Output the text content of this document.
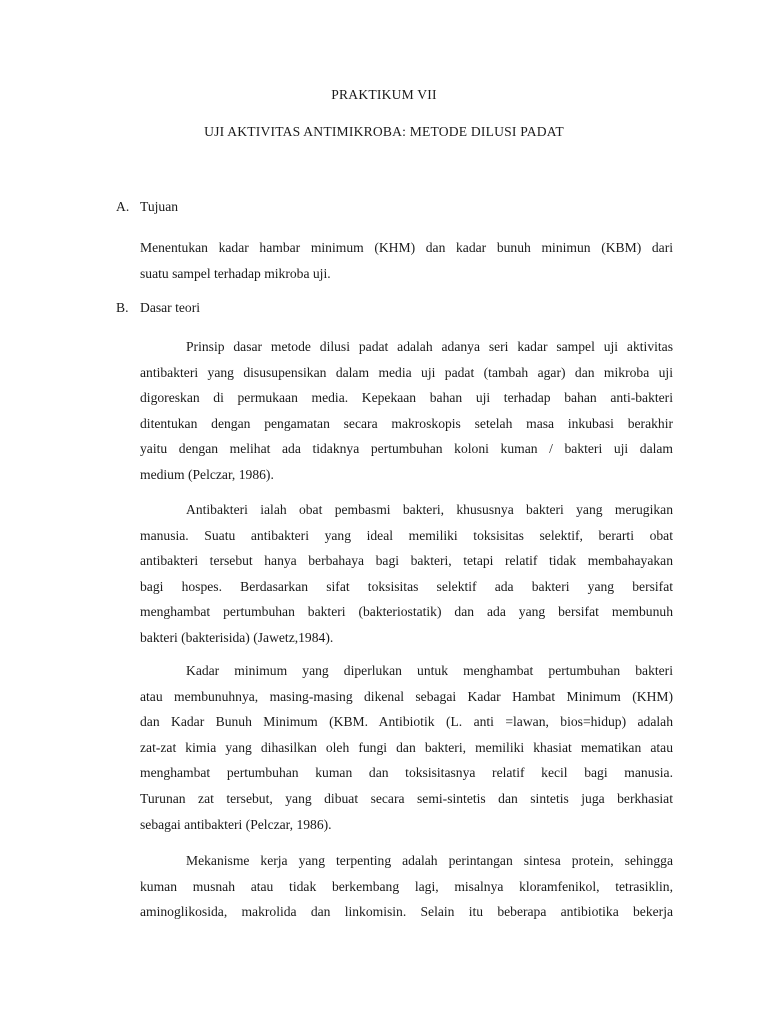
PRAKTIKUM VII
UJI AKTIVITAS ANTIMIKROBA: METODE DILUSI PADAT
A. Tujuan
Menentukan kadar hambar minimum (KHM) dan kadar bunuh minimun (KBM) dari
suatu sampel terhadap mikroba uji.
B. Dasar teori
Prinsip dasar metode dilusi padat adalah adanya seri kadar sampel uji aktivitas
antibakteri yang disusupensikan dalam media uji padat (tambah agar) dan mikroba uji
digoreskan di permukaan media. Kepekaan bahan uji terhadap bahan anti-bakteri
ditentukan dengan pengamatan secara makroskopis setelah masa inkubasi berakhir
yaitu dengan melihat ada tidaknya pertumbuhan koloni kuman / bakteri uji dalam
medium (Pelczar, 1986).
Antibakteri ialah obat pembasmi bakteri, khususnya bakteri yang merugikan
manusia. Suatu antibakteri yang ideal memiliki toksisitas selektif, berarti obat
antibakteri tersebut hanya berbahaya bagi bakteri, tetapi relatif tidak membahayakan
bagi hospes. Berdasarkan sifat toksisitas selektif ada bakteri yang bersifat
menghambat pertumbuhan bakteri (bakteriostatik) dan ada yang bersifat membunuh
bakteri (bakterisida) (Jawetz,1984).
Kadar minimum yang diperlukan untuk menghambat pertumbuhan bakteri
atau membunuhnya, masing-masing dikenal sebagai Kadar Hambat Minimum (KHM)
dan Kadar Bunuh Minimum (KBM. Antibiotik (L. anti =lawan, bios=hidup) adalah
zat-zat kimia yang dihasilkan oleh fungi dan bakteri, memiliki khasiat mematikan atau
menghambat pertumbuhan kuman dan toksisitasnya relatif kecil bagi manusia.
Turunan zat tersebut, yang dibuat secara semi-sintetis dan sintetis juga berkhasiat
sebagai antibakteri (Pelczar, 1986).
Mekanisme kerja yang terpenting adalah perintangan sintesa protein, sehingga
kuman musnah atau tidak berkembang lagi, misalnya kloramfenikol, tetrasiklin,
aminoglikosida, makrolida dan linkomisin. Selain itu beberapa antibiotika bekerja
